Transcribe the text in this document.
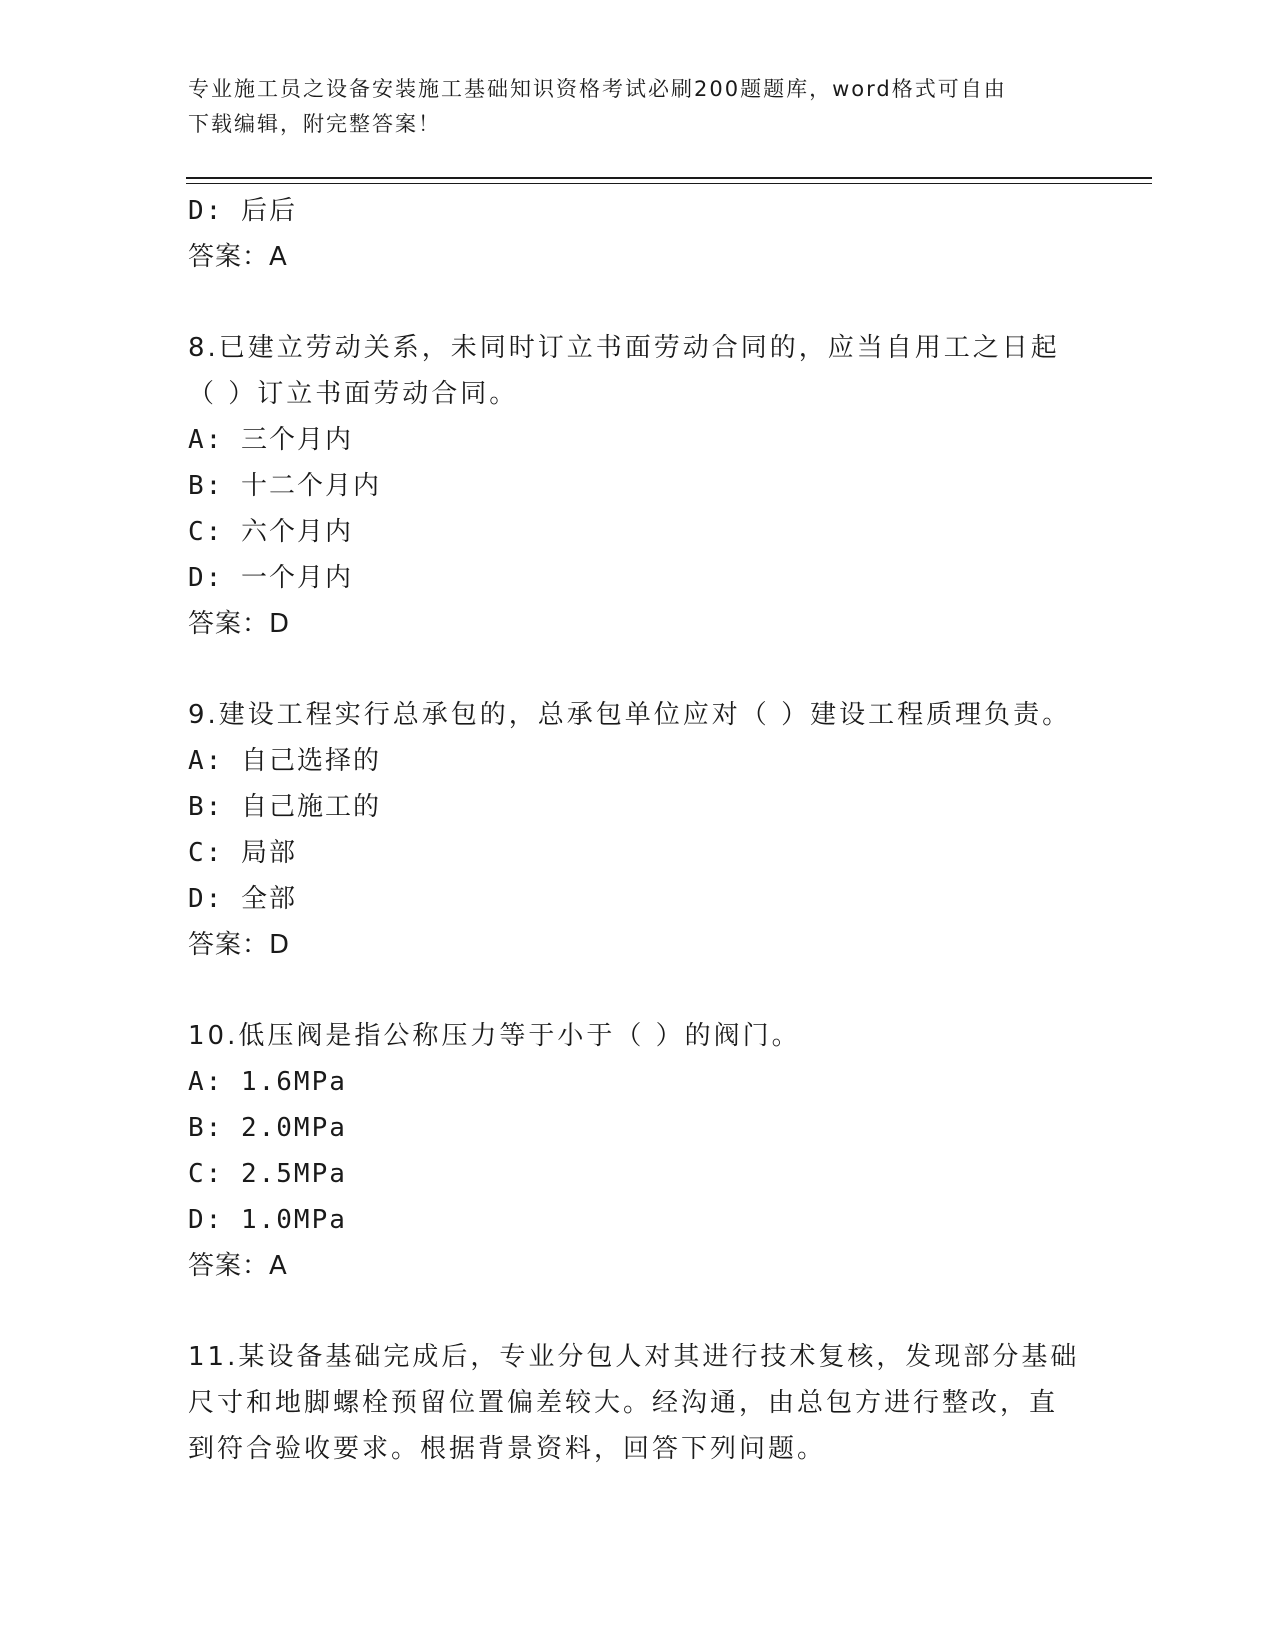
专业施工员之设备安装施工基础知识资格考试必刷200题题库，word格式可自由
下载编辑，附完整答案！
D: 后后
答案：A
8.已建立劳动关系，未同时订立书面劳动合同的，应当自用工之日起
（ ）订立书面劳动合同。
A: 三个月内
B: 十二个月内
C: 六个月内
D: 一个月内
答案：D
9.建设工程实行总承包的，总承包单位应对（ ）建设工程质理负责。
A: 自己选择的
B: 自己施工的
C: 局部
D: 全部
答案：D
10.低压阀是指公称压力等于小于（ ）的阀门。
A: 1.6MPa
B: 2.0MPa
C: 2.5MPa
D: 1.0MPa
答案：A
11.某设备基础完成后，专业分包人对其进行技术复核，发现部分基础
尺寸和地脚螺栓预留位置偏差较大。经沟通，由总包方进行整改，直
到符合验收要求。根据背景资料，回答下列问题。
